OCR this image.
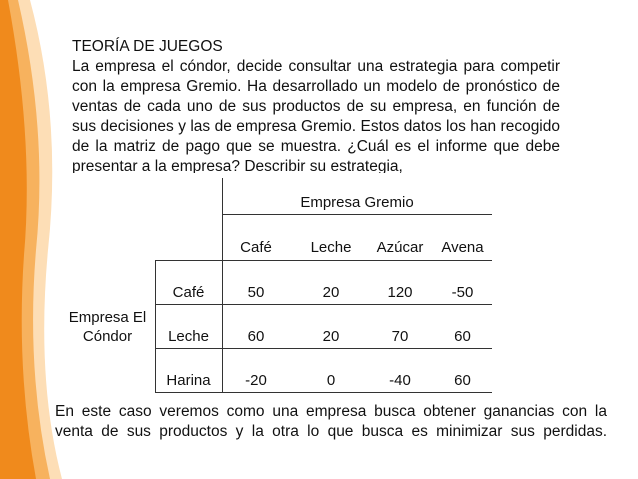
TEORÍA DE JUEGOS
La empresa el cóndor, decide consultar una estrategia para competir con la empresa Gremio. Ha desarrollado un modelo de pronóstico de ventas de cada uno de sus productos de su empresa, en función de sus decisiones y las de empresa Gremio. Estos datos los han recogido de la matriz de pago que se muestra. ¿Cuál es el informe que debe presentar a la empresa? Describir su estrategia,
Empresa Gremio
Café	Leche	Azúcar	Avena
Empresa El
Cóndor
Café	50	20	120	-50
Leche	60	20	70	60
Harina	-20	0	-40	60
En este caso veremos como una empresa busca obtener ganancias con la venta de sus productos y la otra lo que busca es minimizar sus perdidas.
